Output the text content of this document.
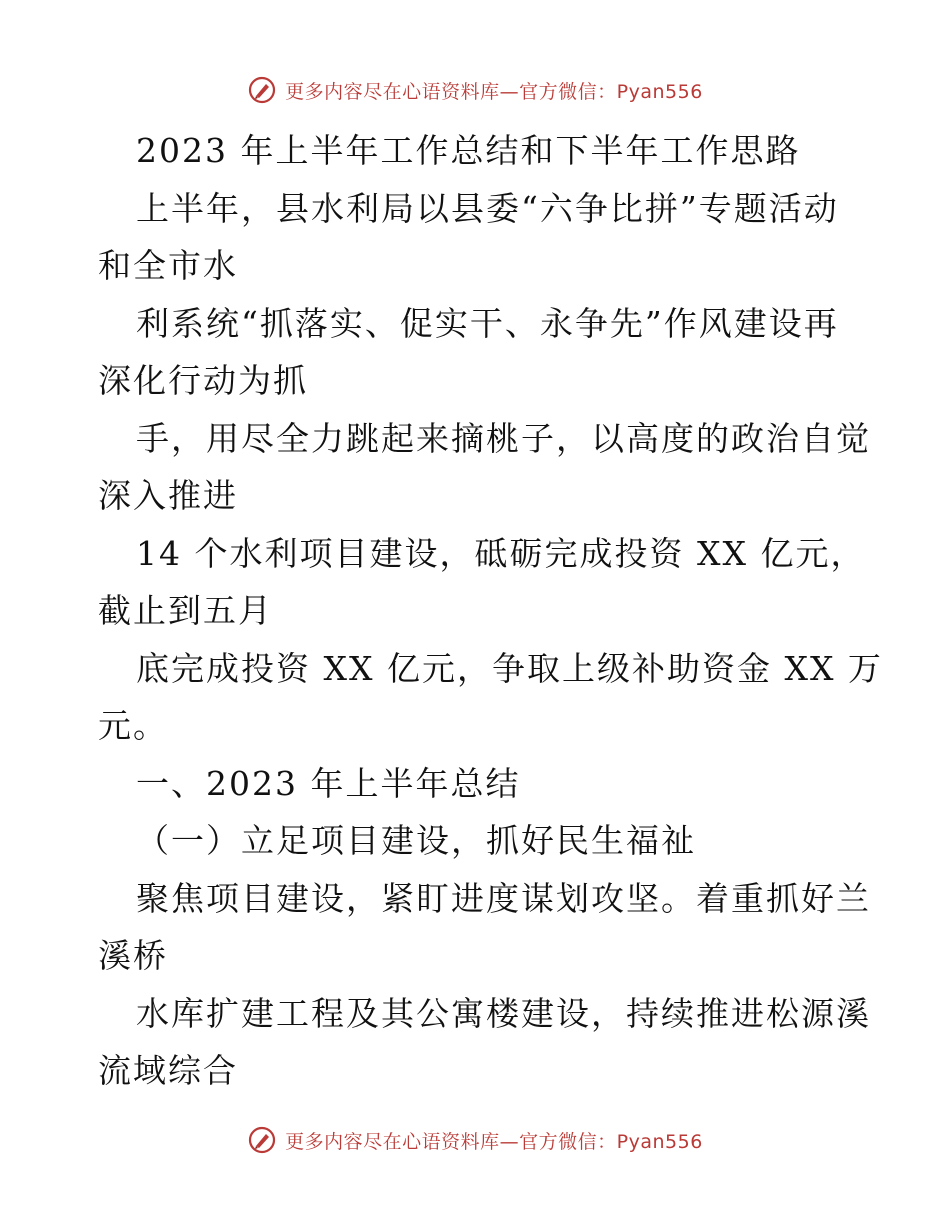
更多内容尽在心语资料库—官方微信：Pyan556
2023 年上半年工作总结和下半年工作思路
上半年，县水利局以县委“六争比拼”专题活动
和全市水
利系统“抓落实、促实干、永争先”作风建设再
深化行动为抓
手，用尽全力跳起来摘桃子，以高度的政治自觉
深入推进
14 个水利项目建设，砥砺完成投资 XX 亿元，
截止到五月
底完成投资 XX 亿元，争取上级补助资金 XX 万
元。
一、2023 年上半年总结
（一）立足项目建设，抓好民生福祉
聚焦项目建设，紧盯进度谋划攻坚。着重抓好兰
溪桥
水库扩建工程及其公寓楼建设，持续推进松源溪
流域综合
更多内容尽在心语资料库—官方微信：Pyan556
